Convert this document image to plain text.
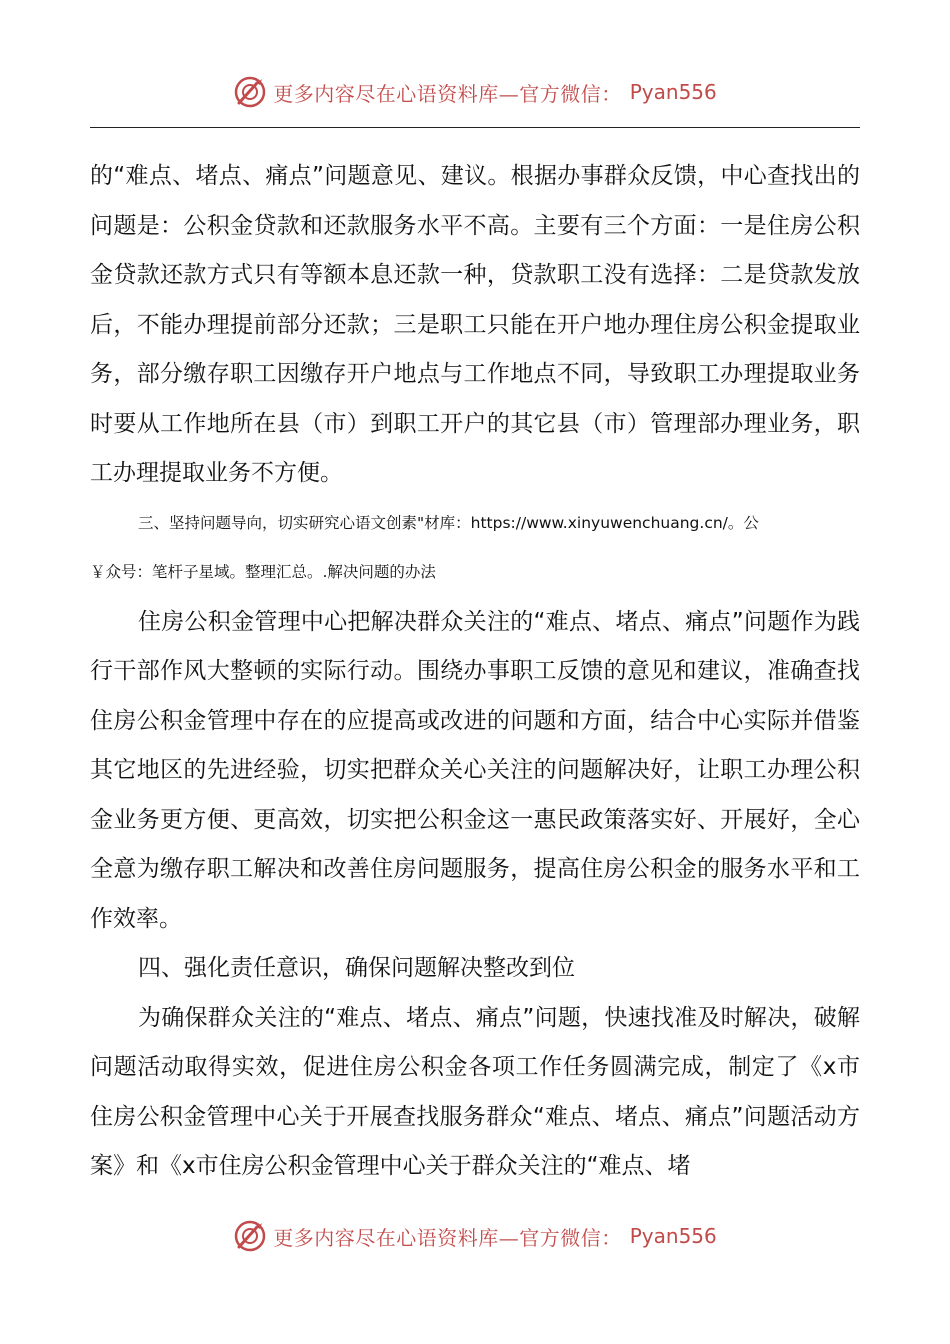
更多内容尽在心语资料库—官方微信： Pyan556

的“难点、堵点、痛点”问题意见、建议。根据办事群众反馈，中心查找出的问题是：公积金贷款和还款服务水平不高。主要有三个方面：一是住房公积金贷款还款方式只有等额本息还款一种，贷款职工没有选择：二是贷款发放后，不能办理提前部分还款；三是职工只能在开户地办理住房公积金提取业务，部分缴存职工因缴存开户地点与工作地点不同，导致职工办理提取业务时要从工作地所在县（市）到职工开户的其它县（市）管理部办理业务，职工办理提取业务不方便。

三、坚持问题导向，切实研究心语文创素"材库：https://www.xinyuwenchuang.cn/。公

￥众号：笔杆子星域。整理汇总。.解决问题的办法

住房公积金管理中心把解决群众关注的“难点、堵点、痛点”问题作为践行干部作风大整顿的实际行动。围绕办事职工反馈的意见和建议，准确查找住房公积金管理中存在的应提高或改进的问题和方面，结合中心实际并借鉴其它地区的先进经验，切实把群众关心关注的问题解决好，让职工办理公积金业务更方便、更高效，切实把公积金这一惠民政策落实好、开展好，全心全意为缴存职工解决和改善住房问题服务，提高住房公积金的服务水平和工作效率。

四、强化责任意识，确保问题解决整改到位

为确保群众关注的“难点、堵点、痛点”问题，快速找准及时解决，破解问题活动取得实效，促进住房公积金各项工作任务圆满完成，制定了《x市住房公积金管理中心关于开展查找服务群众“难点、堵点、痛点”问题活动方案》和《x市住房公积金管理中心关于群众关注的“难点、堵

更多内容尽在心语资料库—官方微信： Pyan556
